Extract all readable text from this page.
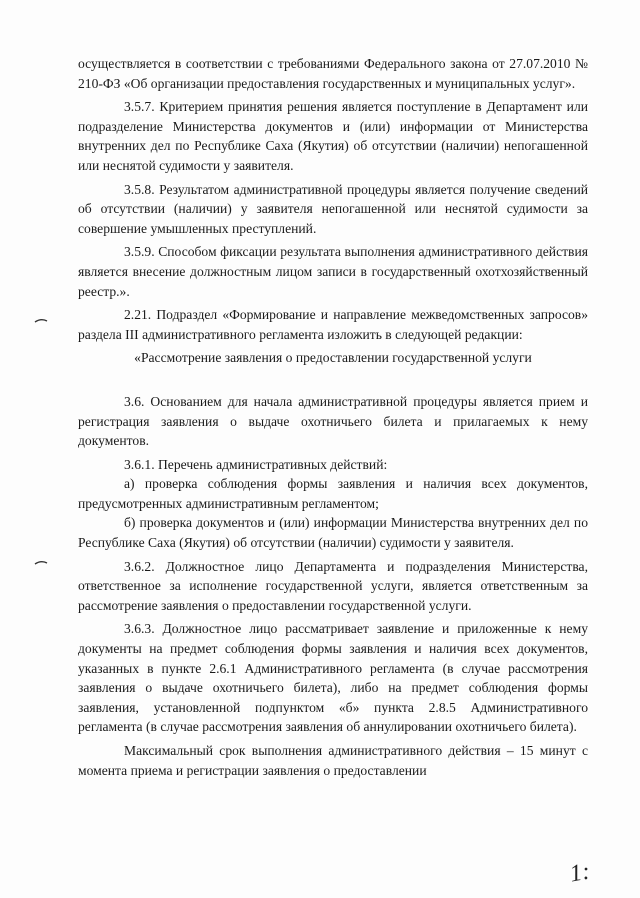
осуществляется в соответствии с требованиями Федерального закона от 27.07.2010 № 210-ФЗ «Об организации предоставления государственных и муниципальных услуг».

3.5.7. Критерием принятия решения является поступление в Департамент или подразделение Министерства документов и (или) информации от Министерства внутренних дел по Республике Саха (Якутия) об отсутствии (наличии) непогашенной или неснятой судимости у заявителя.

3.5.8. Результатом административной процедуры является получение сведений об отсутствии (наличии) у заявителя непогашенной или неснятой судимости за совершение умышленных преступлений.

3.5.9. Способом фиксации результата выполнения административного действия является внесение должностным лицом записи в государственный охотхозяйственный реестр.».

2.21. Подраздел «Формирование и направление межведомственных запросов» раздела III административного регламента изложить в следующей редакции:

«Рассмотрение заявления о предоставлении государственной услуги

3.6. Основанием для начала административной процедуры является прием и регистрация заявления о выдаче охотничьего билета и прилагаемых к нему документов.

3.6.1. Перечень административных действий:

а) проверка соблюдения формы заявления и наличия всех документов, предусмотренных административным регламентом;

б) проверка документов и (или) информации Министерства внутренних дел по Республике Саха (Якутия) об отсутствии (наличии) судимости у заявителя.

3.6.2. Должностное лицо Департамента и подразделения Министерства, ответственное за исполнение государственной услуги, является ответственным за рассмотрение заявления о предоставлении государственной услуги.

3.6.3. Должностное лицо рассматривает заявление и приложенные к нему документы на предмет соблюдения формы заявления и наличия всех документов, указанных в пункте 2.6.1 Административного регламента (в случае рассмотрения заявления о выдаче охотничьего билета), либо на предмет соблюдения формы заявления, установленной подпунктом «б» пункта 2.8.5 Административного регламента (в случае рассмотрения заявления об аннулировании охотничьего билета).

Максимальный срок выполнения административного действия – 15 минут с момента приема и регистрации заявления о предоставлении

1:
